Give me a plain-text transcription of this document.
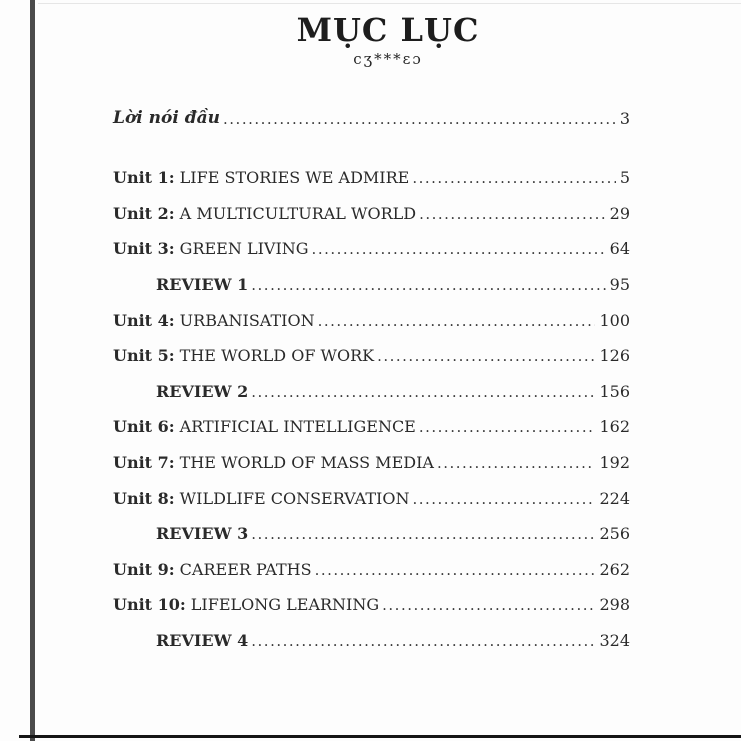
MỤC LỤC
cʒ***ɛɔ
Lời nói đầu .....	3
Unit 1: LIFE STORIES WE ADMIRE .....	5
Unit 2: A MULTICULTURAL WORLD .....	29
Unit 3: GREEN LIVING .....	64
REVIEW 1 .....	95
Unit 4: URBANISATION .....	100
Unit 5: THE WORLD OF WORK .....	126
REVIEW 2 .....	156
Unit 6: ARTIFICIAL INTELLIGENCE .....	162
Unit 7: THE WORLD OF MASS MEDIA .....	192
Unit 8: WILDLIFE CONSERVATION .....	224
REVIEW 3 .....	256
Unit 9: CAREER PATHS .....	262
Unit 10: LIFELONG LEARNING .....	298
REVIEW 4 .....	324
